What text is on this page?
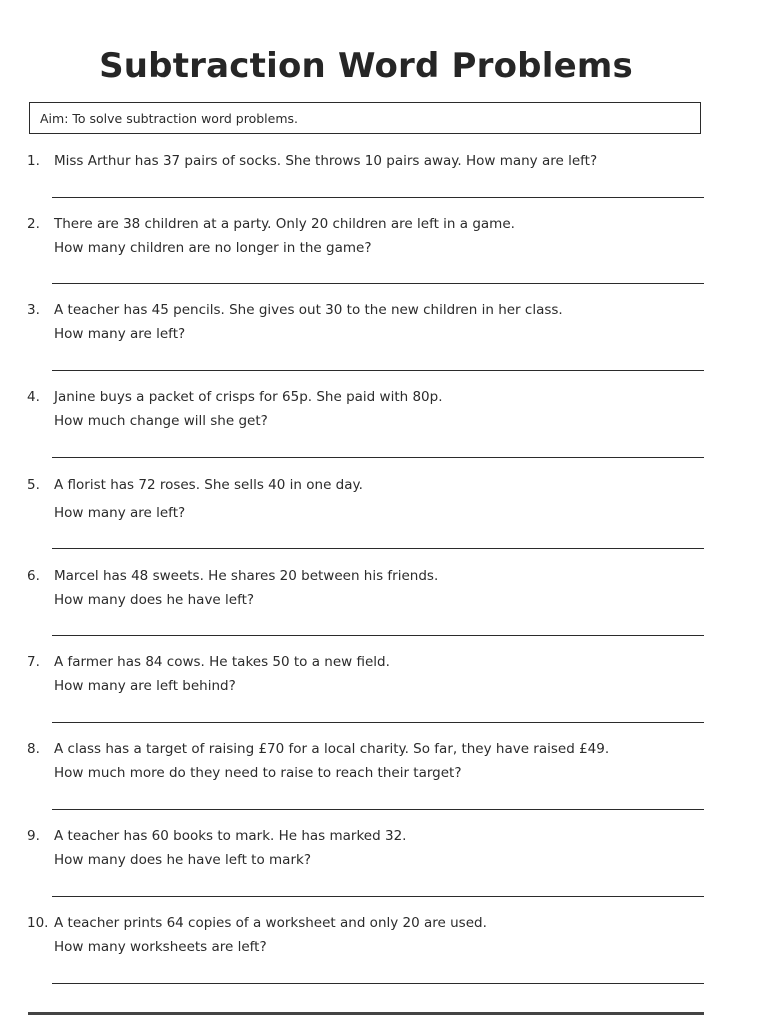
Subtraction Word Problems
Aim: To solve subtraction word problems.
1. Miss Arthur has 37 pairs of socks. She throws 10 pairs away. How many are left?
2. There are 38 children at a party. Only 20 children are left in a game.
How many children are no longer in the game?
3. A teacher has 45 pencils. She gives out 30 to the new children in her class.
How many are left?
4. Janine buys a packet of crisps for 65p. She paid with 80p.
How much change will she get?
5. A florist has 72 roses. She sells 40 in one day.
How many are left?
6. Marcel has 48 sweets. He shares 20 between his friends.
How many does he have left?
7. A farmer has 84 cows. He takes 50 to a new field.
How many are left behind?
8. A class has a target of raising £70 for a local charity. So far, they have raised £49.
How much more do they need to raise to reach their target?
9. A teacher has 60 books to mark. He has marked 32.
How many does he have left to mark?
10. A teacher prints 64 copies of a worksheet and only 20 are used.
How many worksheets are left?
